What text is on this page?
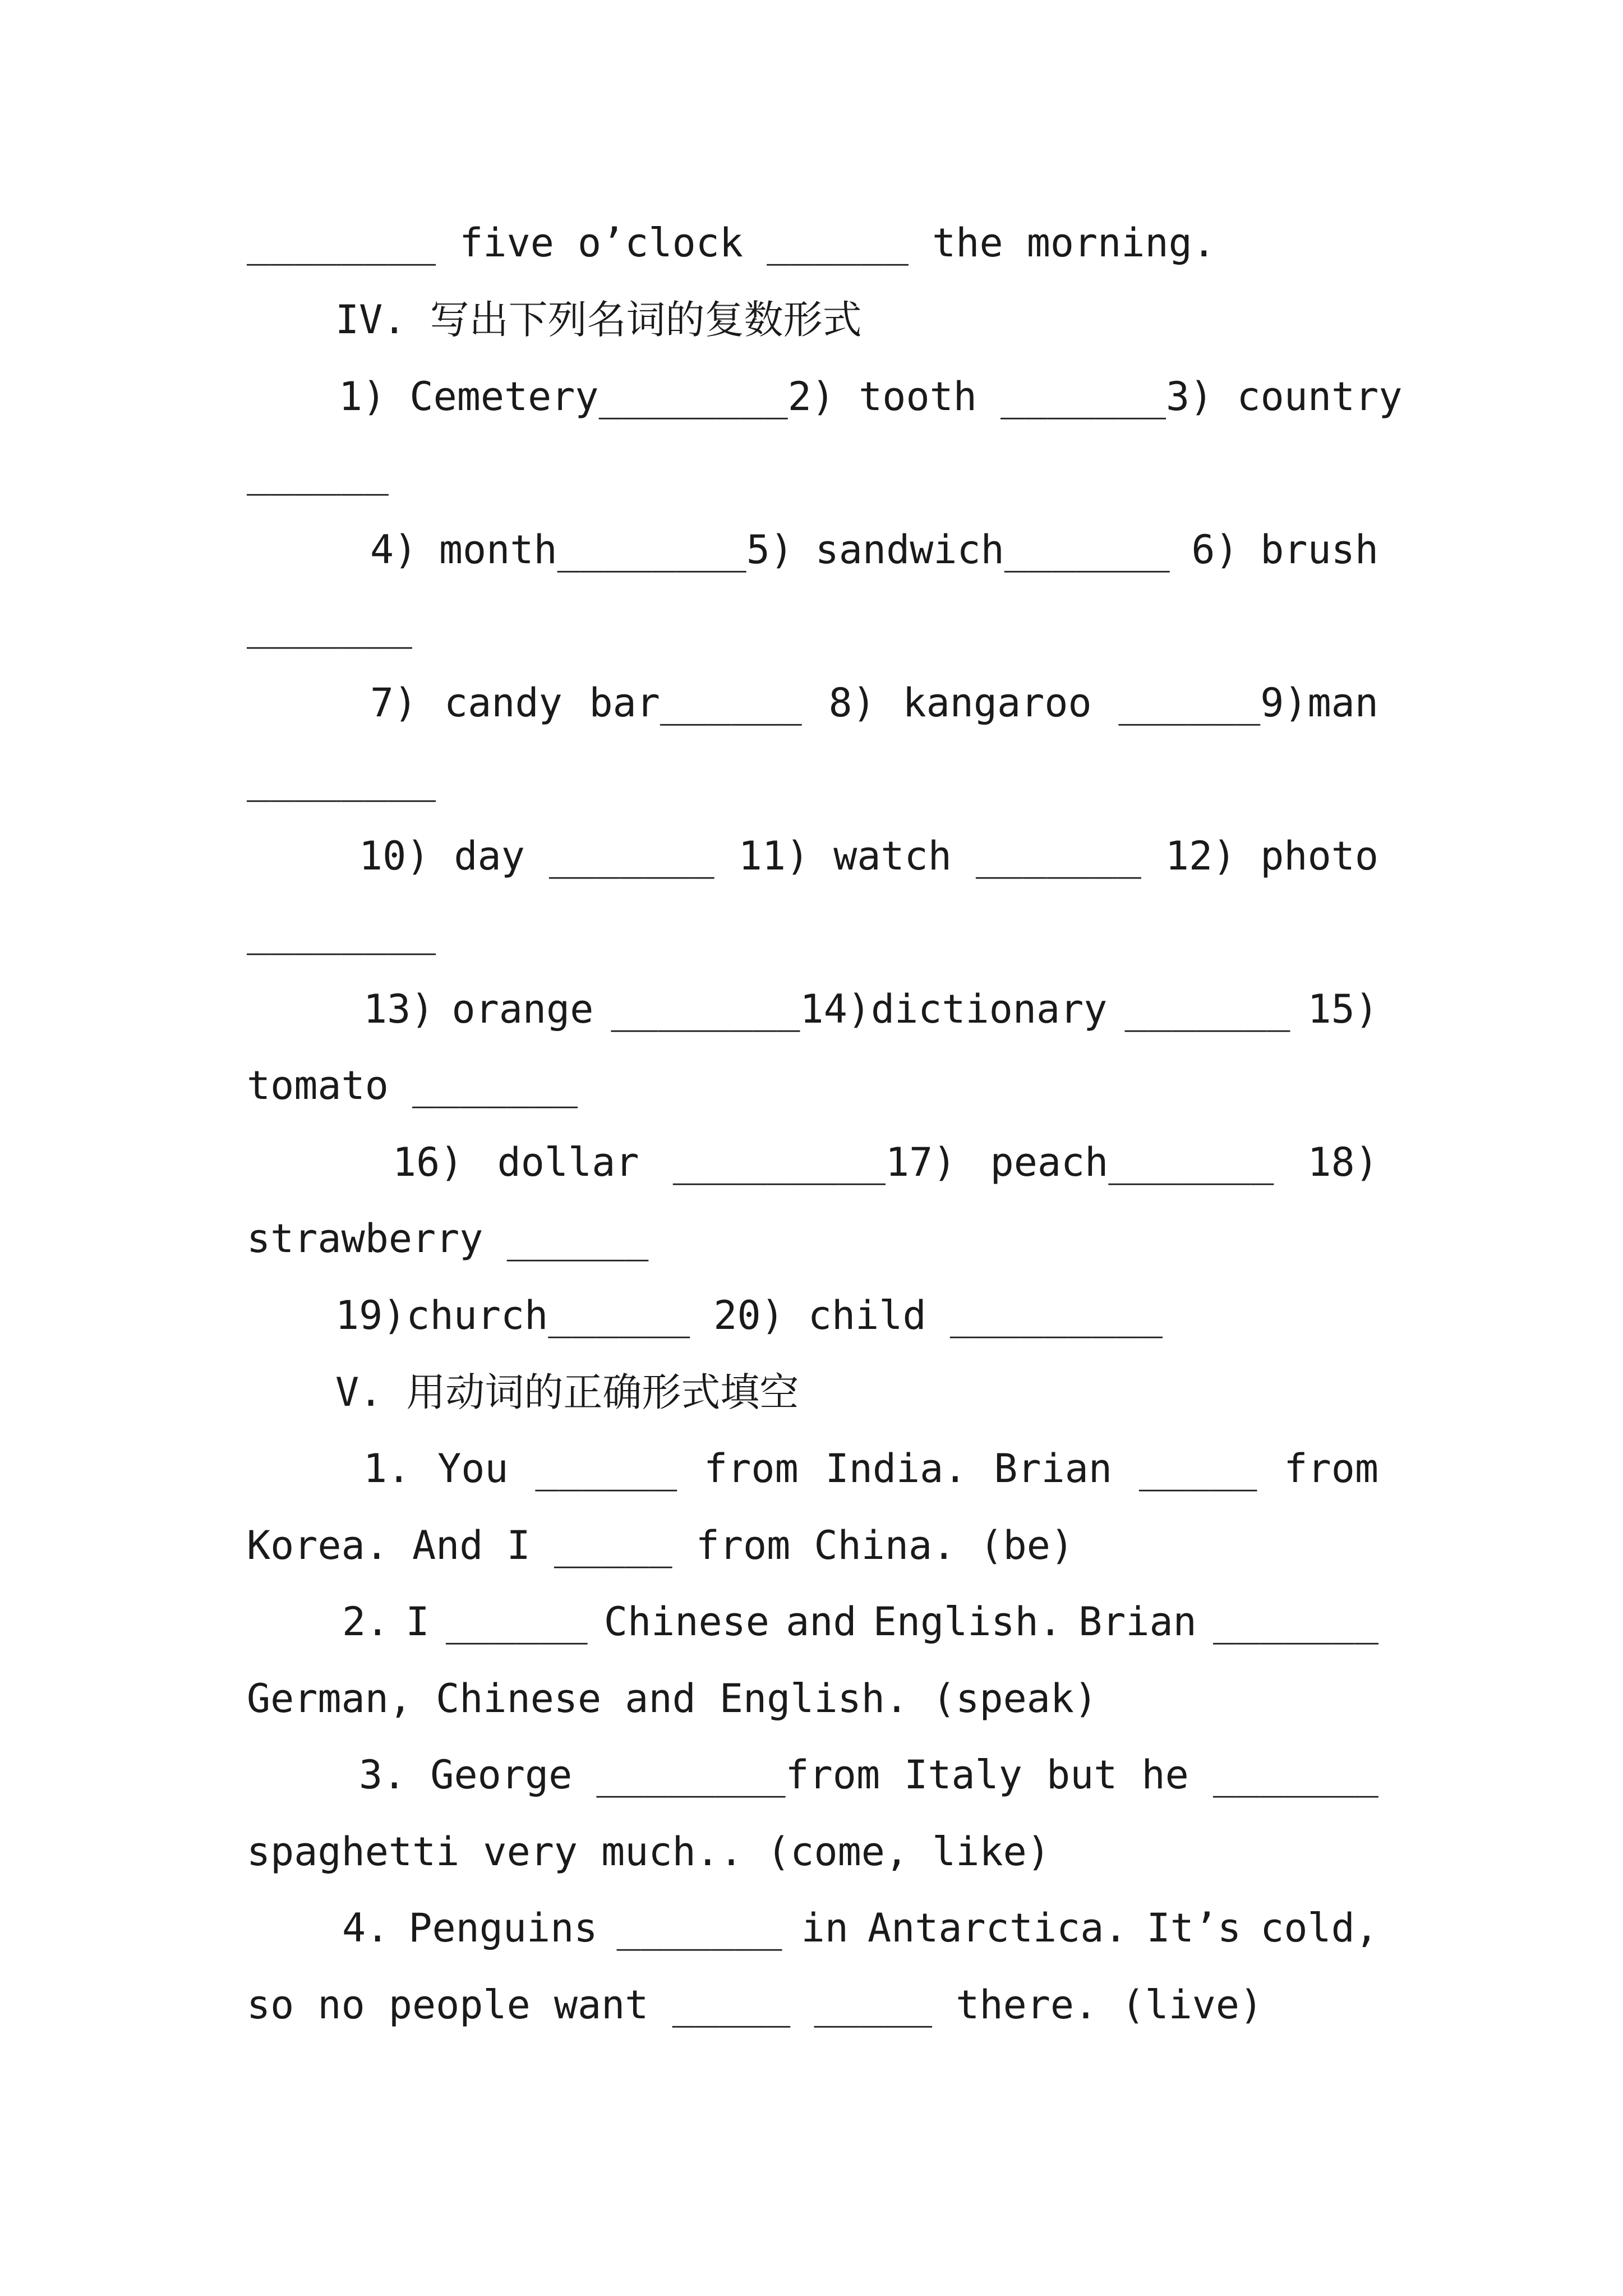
________ five o’clock ______ the morning.
IV. 写出下列名词的复数形式
1) Cemetery________ 2) tooth _______ 3) country
______
4) month________5) sandwich_______ 6) brush
_______
7) candy bar______ 8) kangaroo ______9)man
________
10) day _______ 11) watch _______ 12) photo
________
13) orange ________14)dictionary _______ 15)
tomato _______
16) dollar _________17) peach_______ 18)
strawberry ______
19)church______ 20) child _________
V. 用动词的正确形式填空
1. You ______ from India. Brian _____ from
Korea. And I _____ from China. (be)
2. I ______ Chinese and English. Brian _______
German, Chinese and English. (speak)
3. George ________from Italy but he _______
spaghetti very much.. (come, like)
4. Penguins _______ in Antarctica. It’s cold,
so no people want _____ _____ there. (live)
